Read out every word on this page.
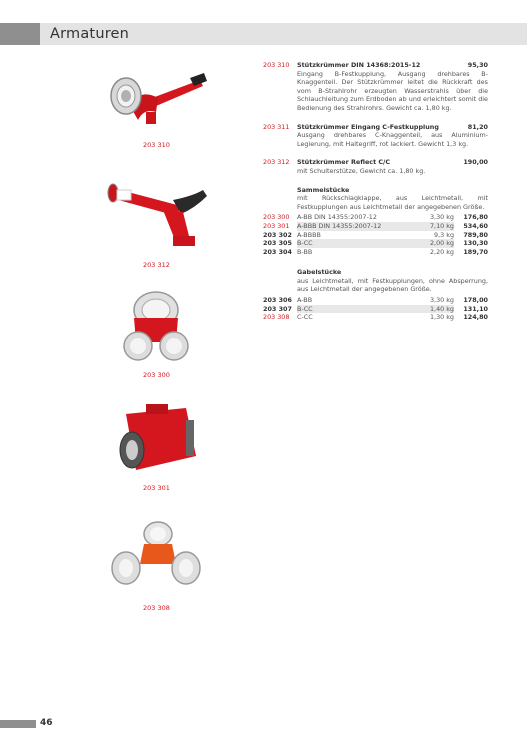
Armaturen
203 310
203 312
203 300
203 301
203 308
203 310 Stützkrümmer DIN 14368:2015-12	95,30
Eingang B-Festkupplung, Ausgang drehbares B-Knaggenteil. Der Stützkrümmer leitet die Rückkraft des vom B-Strahlrohr erzeugten Wasserstrahls über die Schlauchleitung zum Erdboden ab und erleichtert somit die Bedienung des Strahlrohrs. Gewicht ca. 1,80 kg.
203 311 Stützkrümmer Eingang C-Festkupplung	81,20
Ausgang drehbares C-Knaggenteil, aus Aluminium-Legierung, mit Haltegriff, rot lackiert. Gewicht 1,3 kg.
203 312 Stützkrümmer Reflect C/C	190,00
mit Schulterstütze, Gewicht ca. 1,80 kg.
Sammelstücke
mit Rückschlagklappe, aus Leichtmetall, mit Festkupplungen aus Leichtmetall der angegebenen Größe.
203 300	A-BB DIN 14355:2007-12	3,30 kg	176,80
203 301	A-BBB DIN 14355:2007-12	7,10 kg	534,60
203 302	A-BBBB	9,3 kg	789,80
203 305	B-CC	2,00 kg	130,30
203 304	B-BB	2,20 kg	189,70
Gabelstücke
aus Leichtmetall, mit Festkupplungen, ohne Absperrung, aus Leichtmetall der angegebenen Größe.
203 306	A-BB	3,30 kg	178,00
203 307	B-CC	1,40 kg	131,10
203 308	C-CC	1,30 kg	124,80
46
